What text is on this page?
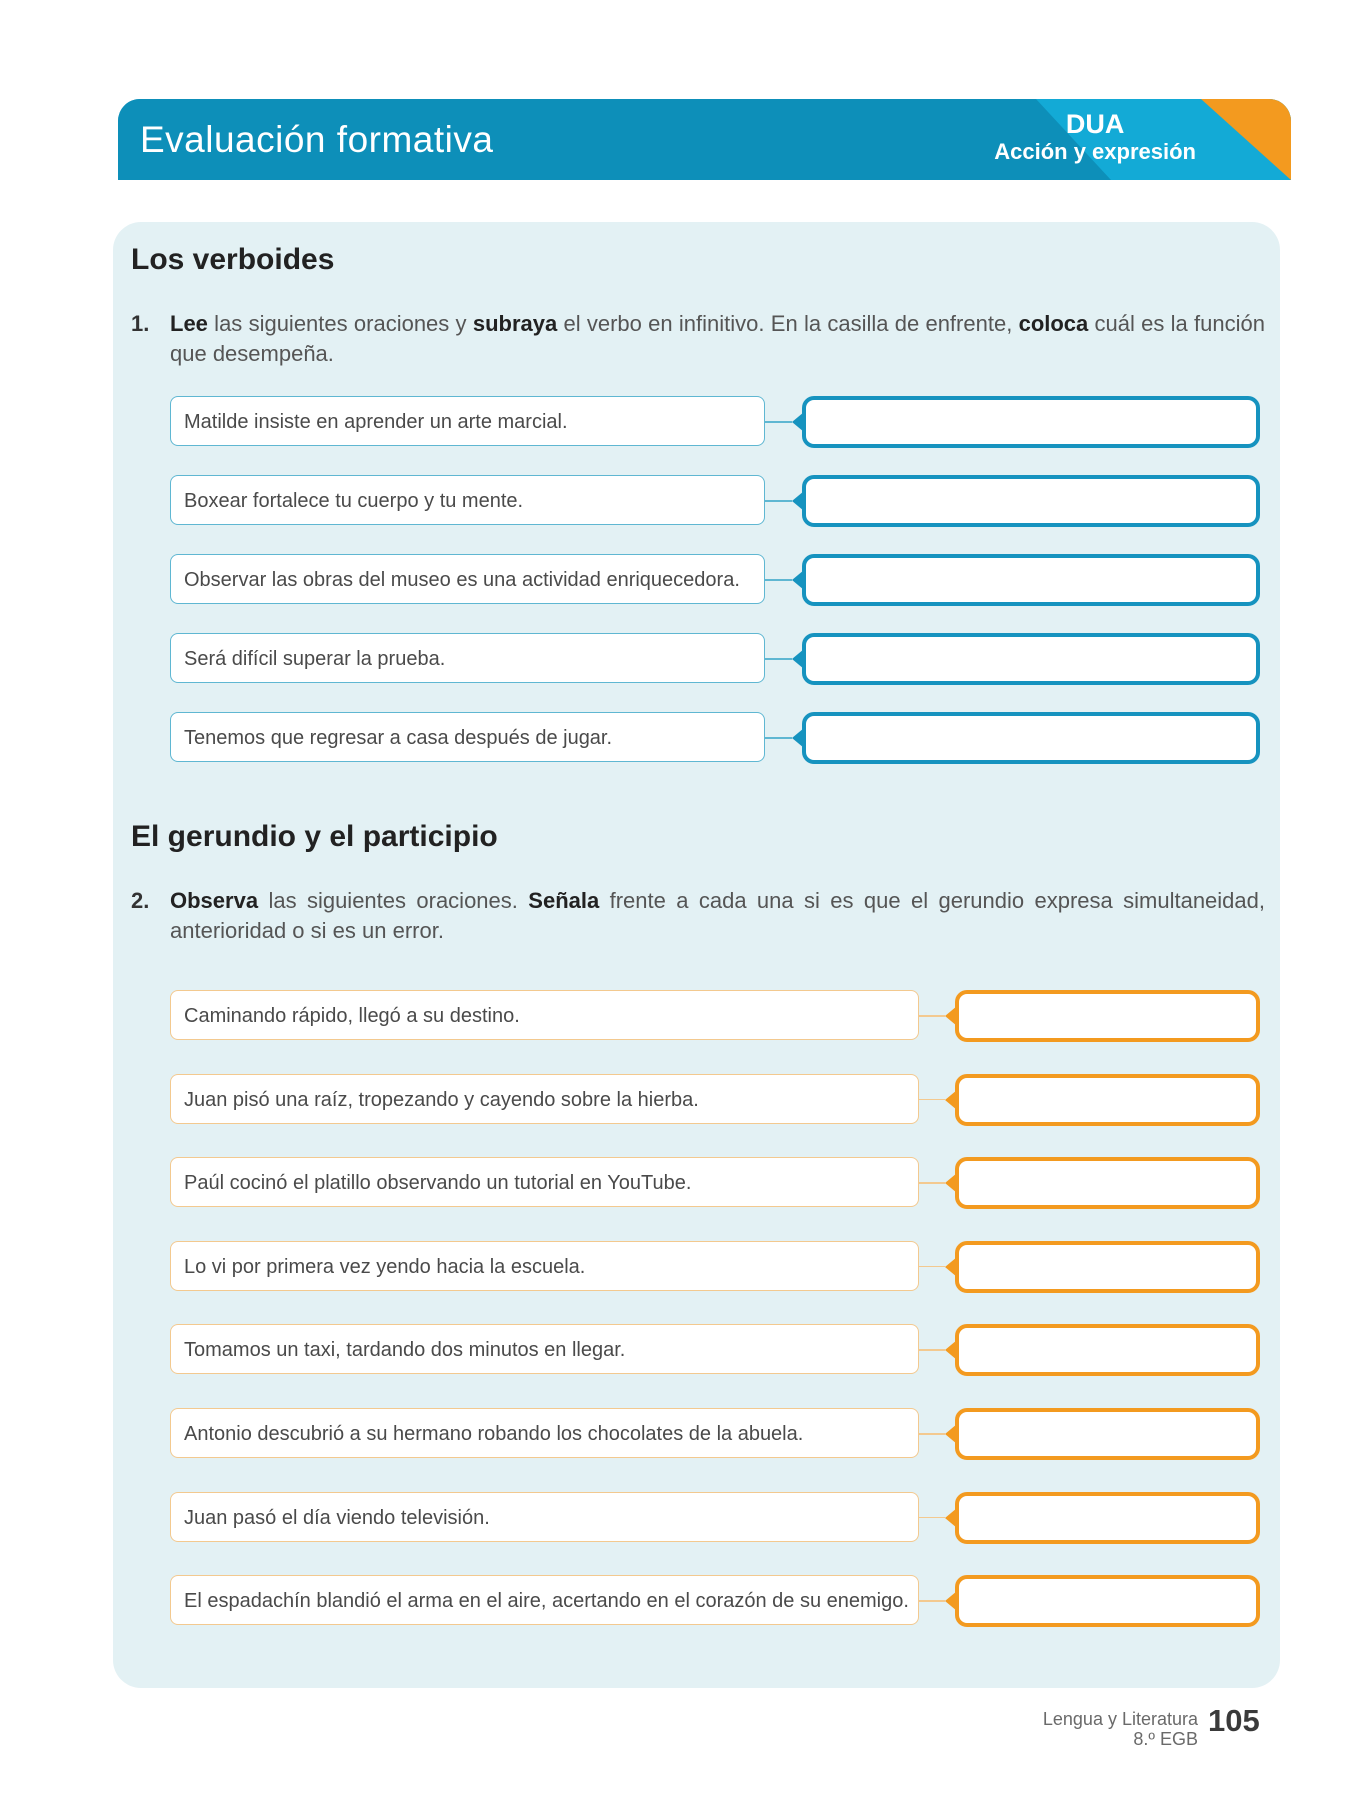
Evaluación formativa	DUA
Acción y expresión
Los verboides
1. Lee las siguientes oraciones y subraya el verbo en infinitivo. En la casilla de enfrente, coloca cuál es la función que desempeña.
Matilde insiste en aprender un arte marcial.
Boxear fortalece tu cuerpo y tu mente.
Observar las obras del museo es una actividad enriquecedora.
Será difícil superar la prueba.
Tenemos que regresar a casa después de jugar.
El gerundio y el participio
2. Observa las siguientes oraciones. Señala frente a cada una si es que el gerundio expresa simultaneidad, anterioridad o si es un error.
Caminando rápido, llegó a su destino.
Juan pisó una raíz, tropezando y cayendo sobre la hierba.
Paúl cocinó el platillo observando un tutorial en YouTube.
Lo vi por primera vez yendo hacia la escuela.
Tomamos un taxi, tardando dos minutos en llegar.
Antonio descubrió a su hermano robando los chocolates de la abuela.
Juan pasó el día viendo televisión.
El espadachín blandió el arma en el aire, acertando en el corazón de su enemigo.
Lengua y Literatura
8.º EGB
105
